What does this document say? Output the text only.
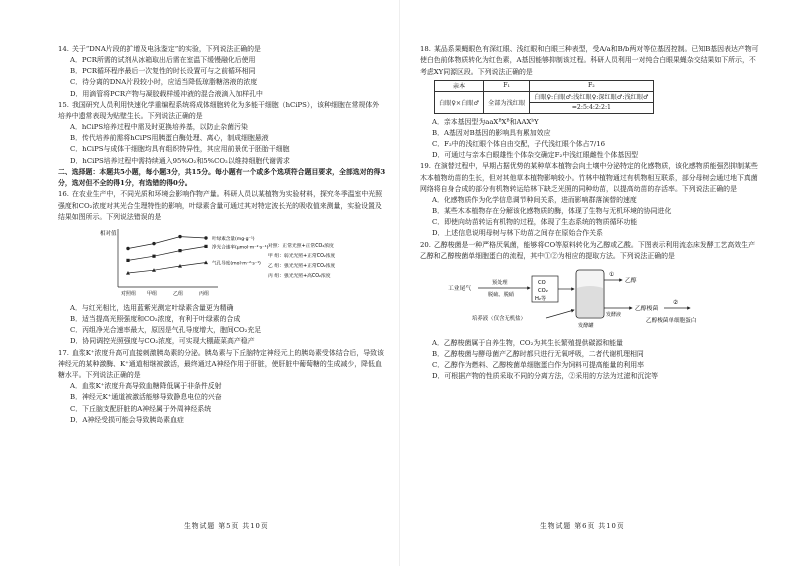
14. 关于“DNA片段的扩增及电泳鉴定”的实验，下列说法正确的是

A．PCR所需的试剂从冰箱取出后需在室温下缓慢融化后使用

B．PCR循环程序最后一次复性的时长设置可与之前循环相同

C．待分离的DNA片段较小时，应适当降低琼脂糖溶液的浓度

D．用滴管将PCR产物与凝胶载样缓冲液的混合液滴入加样孔中

15. 我国研究人员利用快速化学重编程系统将成体细胞转化为多能干细胞（hCiPS），该种细胞在常规体外培养中遗常表现为贴壁生长。下列说法正确的是

A．hCiPS培养过程中需及时更换培养基，以防止杂菌污染

B．传代培养前需将hCiPS用胰蛋白酶处理、离心，制成细胞悬液

C．hCiPS与成体干细胞均具有组织特异性，其应用前景优于胚胎干细胞

D．hCiPS培养过程中需持续通入95%O₂和5%CO₂以维持细胞代谢需求

二、选择题：本题共5小题，每小题3分，共15分。每小题有一个或多个选项符合题目要求，全部选对的得3分，选对但不全的得1分，有选错的得0分。

16. 在农业生产中，不同光质和环境会影响作物产量。科研人员以某植物为实验材料，探究冬季温室中光照强度和CO₂浓度对其光合生理特性的影响，叶绿素含量可通过其对特定波长光的吸收值来测量，实验设置及结果如图所示。下列说法错误的是

相对值
叶绿素含量(mg·g⁻¹)
净光合速率(μmol·m⁻²·s⁻¹)
气孔导度(mol·m⁻²·s⁻¹)
对照组 甲组	乙组	丙组
对照：正常光照+正常CO₂浓度
甲 组：弱光光照+正常CO₂浓度
乙 组：强光光照+正常CO₂浓度
丙 组：强光光照+高CO₂浓度

A．与红光相比，选用蓝紫光测定叶绿素含量更为精确

B．适当提高光照强度和CO₂浓度，有利于叶绿素的合成

C．丙组净光合速率最大，原因是气孔导度增大，胞间CO₂充足

D．协同调控光照强度与CO₂浓度，可实现大棚蔬菜高产稳产

17. 血浆K⁺浓度升高可直接刺激胰岛素的分泌。胰岛素与下丘脑特定神经元上的胰岛素受体结合后，导致该神经元的某种激酶、K⁺通道相继被激活，最终通过A神经作用于肝脏，使肝脏中葡萄糖的生成减少，降低血糖水平。下列说法正确的是

A．血浆K⁺浓度升高导致血糖降低属于非条件反射

B．神经元K⁺通道被激活能够导致静息电位的兴奋

C．下丘脑支配肝脏的A神经属于外周神经系统

D．A神经受损可能会导致胰岛素血症

生物试题 第5页 共10页

18. 某品系果蝇眼色有深红眼、浅红眼和白眼三种表型，受A/a和B/b两对等位基因控制。已知B基因表达产物可使白色前体物质转化为红色素，A基因能够抑制该过程。科研人员利用一对纯合白眼果蝇杂交结果如下所示，不考虑XY同源区段。下列说法正确的是

亲本	F₁	F₂
白眼♀×白眼♂	全部为浅红眼	白眼♀:白眼♂:浅红眼♀:深红眼♂:浅红眼♂
		=2:5:4:2:2:1

A．亲本基因型为aaXᴮXᴮ和AAXᵇY

B．A基因对B基因的影响具有累加效应

C．F₂中的浅红眼个体自由交配，子代浅红眼个体占7/16

D．可通过与亲本白眼雄性个体杂交确定F₂中浅红眼雌性个体基因型

19. 在演替过程中，早期占据优势的某种草本植物会向土壤中分泌特定的化感物质，该化感物质能强烈抑制某些木本植物幼苗的生长，但对其他草本植物影响较小。竹林中植物通过有机物相互联系，部分母树会通过地下真菌网络将自身合成的部分有机物转运给林下缺乏光照的同种幼苗，以提高幼苗的存活率。下列说法正确的是

A．化感物质作为化学信息调节种间关系，进而影响群落演替的速度

B．某些木本植物存在分解该化感物质的酶，体现了生物与无机环境的协同进化

C．即使向幼苗转运有机物的过程，体现了生态系统的物质循环功能

D．上述信息说明母树与林下幼苗之间存在原始合作关系

20. 乙醇梭菌是一种严格厌氧菌，能够将CO等原料转化为乙醇或乙酸。下图表示利用流态床发酵工艺高效生产乙醇和乙醇梭菌单细胞蛋白的流程，其中①②为相应的提取方法。下列说法正确的是

工业尾气
预处理
脱硫、脱硝
CO
CO₂
H₂等
培养液（仅含无机盐）
发酵罐
①
乙醇
发酵液
乙醇梭菌
②
乙醇梭菌单细胞蛋白

A．乙醇梭菌属于自养生物，CO₂为其生长繁殖提供碳源和能量

B．乙醇梭菌与酵母菌产乙醇时都只进行无氧呼吸，二者代谢机理相同

C．乙醇作为燃料、乙醇梭菌单细胞蛋白作为饲料可提高能量的利用率

D．可根据产物的性质采取不同的分离方法，②采用的方法为过滤和沉淀等

生物试题 第6页 共10页
